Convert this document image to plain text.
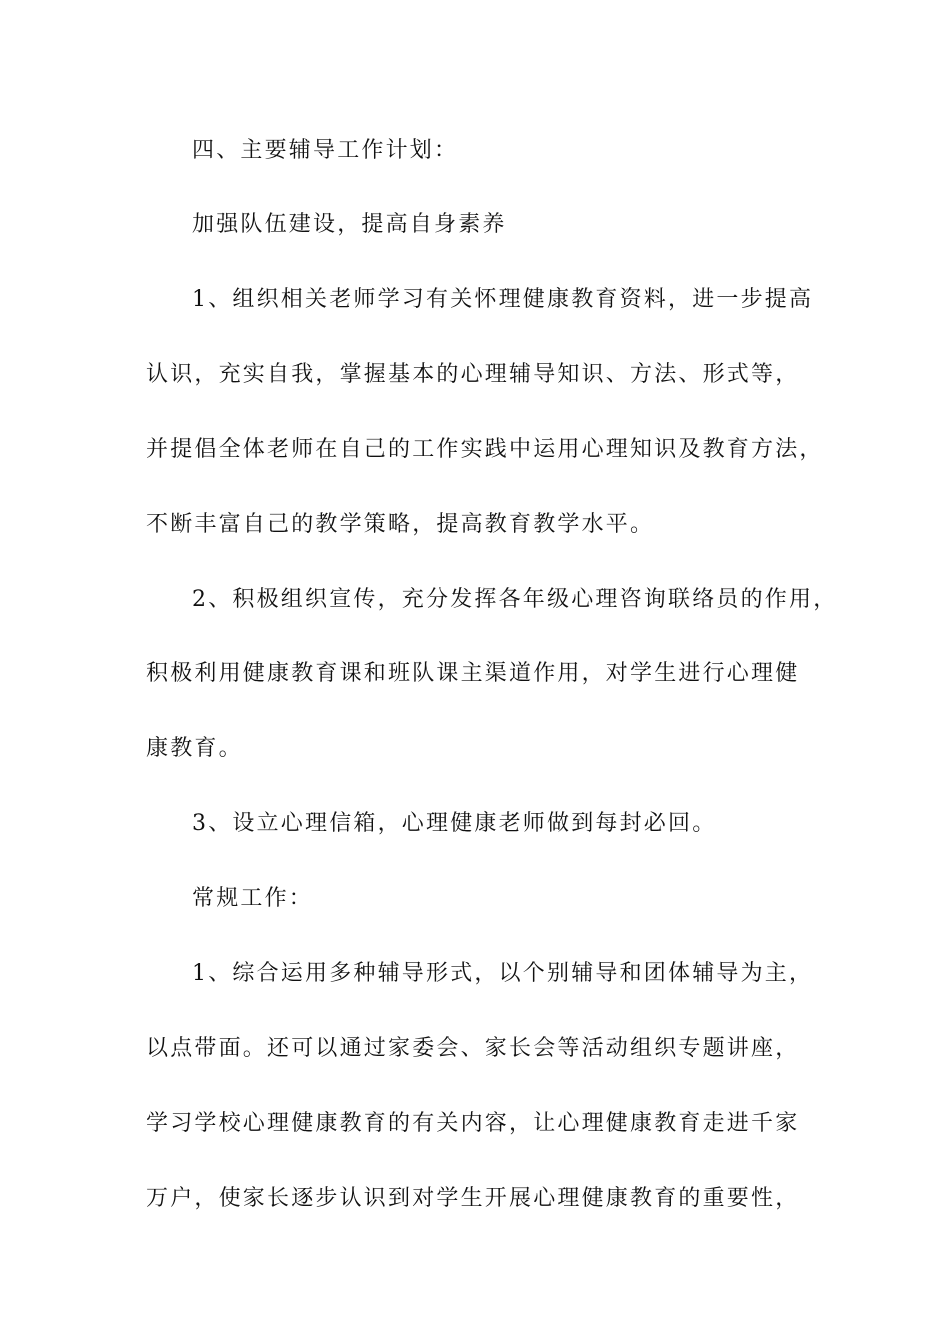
四、主要辅导工作计划：
加强队伍建设，提高自身素养
1、组织相关老师学习有关怀理健康教育资料，进一步提高
认识，充实自我，掌握基本的心理辅导知识、方法、形式等，
并提倡全体老师在自己的工作实践中运用心理知识及教育方法，
不断丰富自己的教学策略，提高教育教学水平。
2、积极组织宣传，充分发挥各年级心理咨询联络员的作用，
积极利用健康教育课和班队课主渠道作用，对学生进行心理健
康教育。
3、设立心理信箱，心理健康老师做到每封必回。
常规工作：
1、综合运用多种辅导形式，以个别辅导和团体辅导为主，
以点带面。还可以通过家委会、家长会等活动组织专题讲座，
学习学校心理健康教育的有关内容，让心理健康教育走进千家
万户，使家长逐步认识到对学生开展心理健康教育的重要性，
